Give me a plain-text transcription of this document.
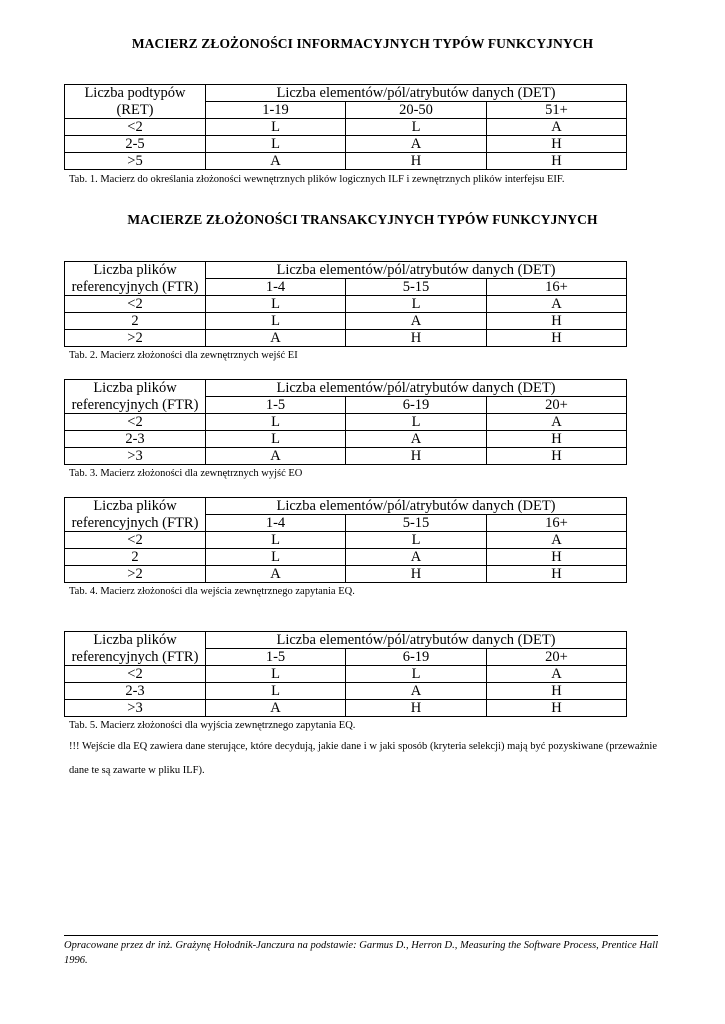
MACIERZ ZŁOŻONOŚCI INFORMACYJNYCH TYPÓW FUNKCYJNYCH
Liczba podtypów	Liczba elementów/pól/atrybutów danych (DET)		
(RET)	1-19	20-50	51+
<2	L	L	A
2-5	L	A	H
>5	A	H	H
Tab. 1. Macierz do określania złożoności wewnętrznych plików logicznych ILF i zewnętrznych plików interfejsu EIF.
MACIERZE ZŁOŻONOŚCI TRANSAKCYJNYCH TYPÓW FUNKCYJNYCH
Liczba plików	Liczba elementów/pól/atrybutów danych (DET)		
referencyjnych (FTR)	1-4	5-15	16+
<2	L	L	A
2	L	A	H
>2	A	H	H
Tab. 2. Macierz złożoności dla zewnętrznych wejść EI
Liczba plików	Liczba elementów/pól/atrybutów danych (DET)		
referencyjnych (FTR)	1-5	6-19	20+
<2	L	L	A
2-3	L	A	H
>3	A	H	H
Tab. 3. Macierz złożoności dla zewnętrznych wyjść EO
Liczba plików	Liczba elementów/pól/atrybutów danych (DET)		
referencyjnych (FTR)	1-4	5-15	16+
<2	L	L	A
2	L	A	H
>2	A	H	H
Tab. 4. Macierz złożoności dla wejścia zewnętrznego zapytania EQ.
Liczba plików	Liczba elementów/pól/atrybutów danych (DET)		
referencyjnych (FTR)	1-5	6-19	20+
<2	L	L	A
2-3	L	A	H
>3	A	H	H
Tab. 5. Macierz złożoności dla wyjścia zewnętrznego zapytania EQ.
!!! Wejście dla EQ zawiera dane sterujące, które decydują, jakie dane i w jaki sposób (kryteria selekcji) mają być pozyskiwane (przeważnie dane te są zawarte w pliku ILF).
Opracowane przez dr inż. Grażynę Hołodnik-Janczura na podstawie: Garmus D., Herron D., Measuring the Software Process, Prentice Hall 1996.
